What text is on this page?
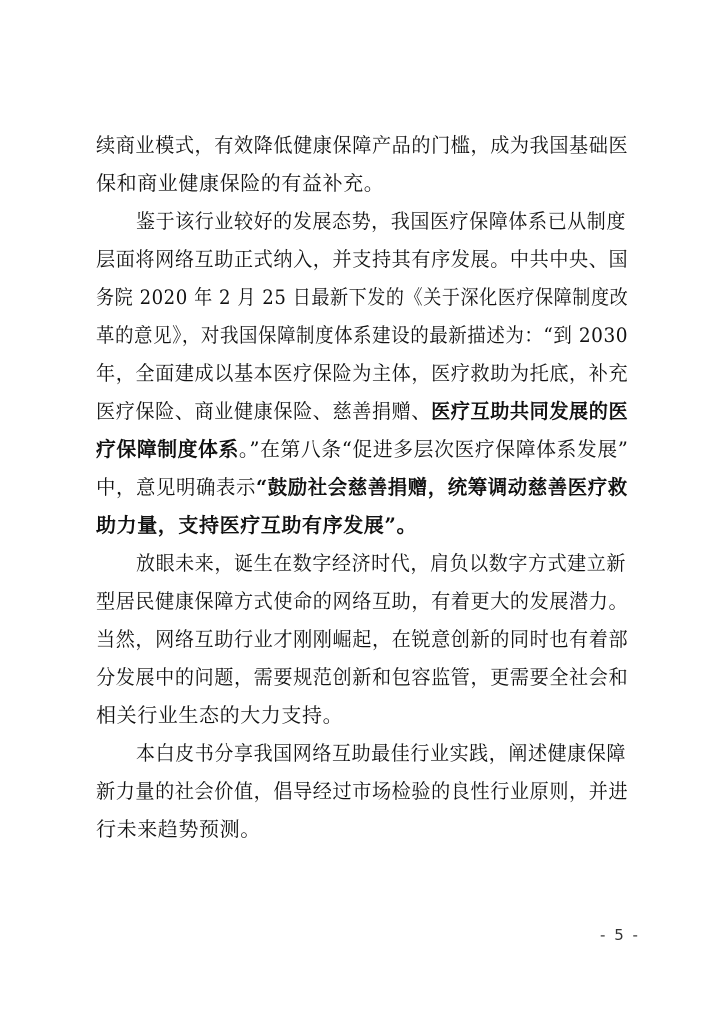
续商业模式，有效降低健康保障产品的门槛，成为我国基础医
保和商业健康保险的有益补充。
鉴于该行业较好的发展态势，我国医疗保障体系已从制度
层面将网络互助正式纳入，并支持其有序发展。中共中央、国
务院 2020 年 2 月 25 日最新下发的《关于深化医疗保障制度改
革的意见》，对我国保障制度体系建设的最新描述为：“到 2030
年，全面建成以基本医疗保险为主体，医疗救助为托底，补充
医疗保险、商业健康保险、慈善捐赠、医疗互助共同发展的医
疗保障制度体系。”在第八条“促进多层次医疗保障体系发展”
中，意见明确表示“鼓励社会慈善捐赠，统筹调动慈善医疗救
助力量，支持医疗互助有序发展”。
放眼未来，诞生在数字经济时代，肩负以数字方式建立新
型居民健康保障方式使命的网络互助，有着更大的发展潜力。
当然，网络互助行业才刚刚崛起，在锐意创新的同时也有着部
分发展中的问题，需要规范创新和包容监管，更需要全社会和
相关行业生态的大力支持。
本白皮书分享我国网络互助最佳行业实践，阐述健康保障
新力量的社会价值，倡导经过市场检验的良性行业原则，并进
行未来趋势预测。
- 5 -
